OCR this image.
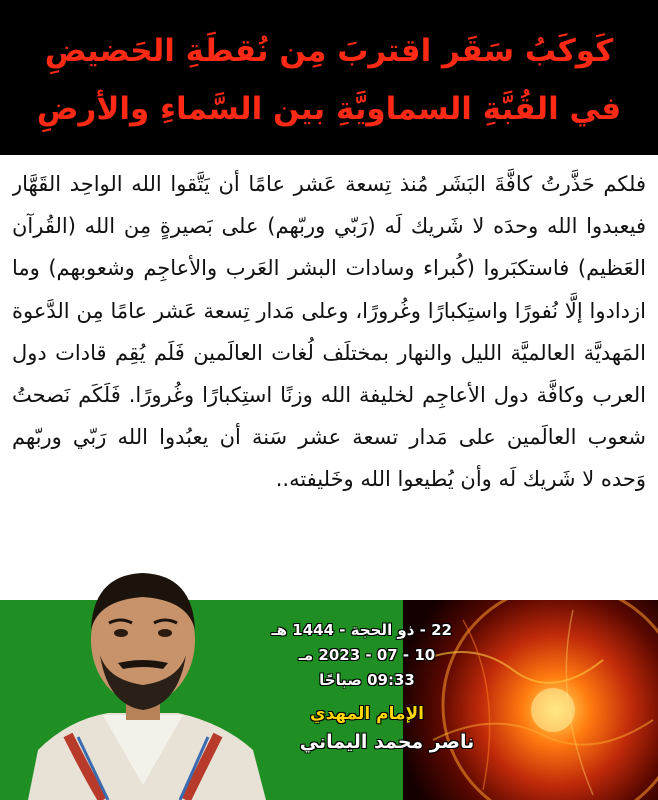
كَوكَبُ سَقَر اقتربَ مِن نُقطَةِ الحَضيضِ
في القُبَّةِ السماويَّةِ بين السَّماءِ والأرضِ
فلكم حَذَّرتُ كافَّةَ البَشَر مُنذ تِسعة عَشر عامًا أن يَتَّقوا الله الواحِد القَهَّار فيعبدوا الله وحدَه لا شَريك لَه (رَبّي وربّهم) على بَصيرةٍ مِن الله (القُرآن العَظيم) فاستكبَروا (كُبراء وسادات البشر العَرب والأعاجِم وشعوبهم) وما ازدادوا إلَّا نُفورًا واستِكبارًا وغُرورًا، وعلى مَدار تِسعة عَشر عامًا مِن الدَّعوة المَهديَّة العالميَّة الليل والنهار بمختلَف لُغات العالَمين فَلَم يُقِم قادات دول العرب وكافَّة دول الأعاجِم لخليفة الله وزنًا استِكبارًا وغُرورًا. فَلَكَم نَصحتُ شعوب العالَمين على مَدار تسعة عشر سَنة أن يعبُدوا الله رَبّي وربّهم وَحده لا شَريك لَه وأن يُطيعوا الله وخَليفته..
22 - ذو الحجة - 1444 هـ
10 - 07 - 2023 مـ
09:33 صباحًا
الإمام المهدي
ناصر محمد اليماني
